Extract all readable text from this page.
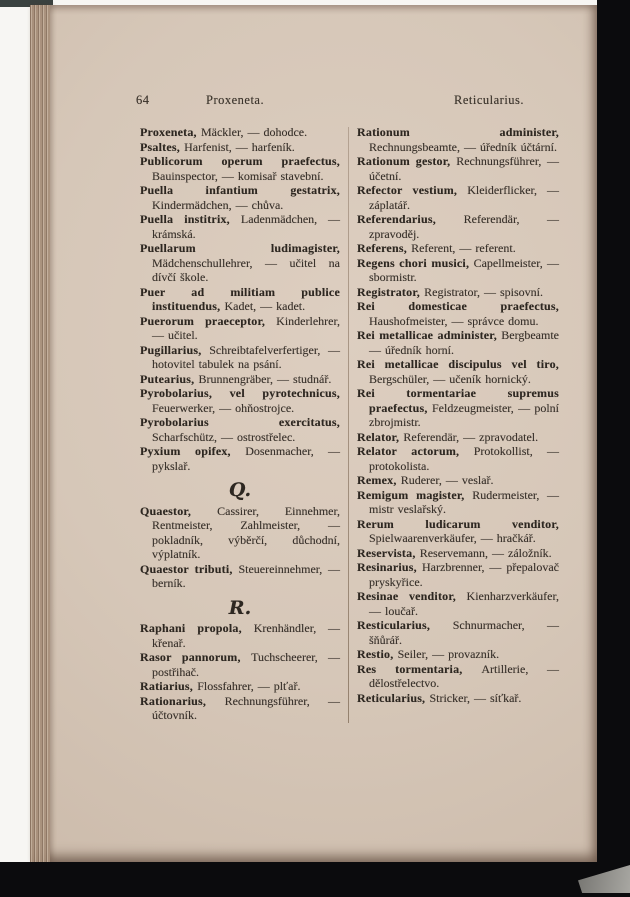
64	Proxeneta.	Reticularius.

Proxeneta, Mäckler, — dohodce.

Psaltes, Harfenist, — harfeník.

Publicorum operum praefectus, Bauinspector, — komisař stavební.

Puella infantium gestatrix, Kindermädchen, — chůva.

Puella institrix, Ladenmädchen, — krámská.

Puellarum ludimagister, Mädchenschullehrer, — učitel na dívčí škole.

Puer ad militiam publice instituendus, Kadet, — kadet.

Puerorum praeceptor, Kinderlehrer, — učitel.

Pugillarius, Schreibtafelverfertiger, — hotovitel tabulek na psání.

Putearius, Brunnengräber, — studnář.

Pyrobolarius, vel pyrotechnicus, Feuerwerker, — ohňostrojce.

Pyrobolarius exercitatus, Scharfschütz, — ostrostřelec.

Pyxium opifex, Dosenmacher, — pykslař.

Q.

Quaestor, Cassirer, Einnehmer, Rentmeister, Zahlmeister, — pokladník, výběrčí, důchodní, výplatník.

Quaestor tributi, Steuereinnehmer, — berník.

R.

Raphani propola, Krenhändler, — křenař.

Rasor pannorum, Tuchscheerer, — postřihač.

Ratiarius, Flossfahrer, — plťař.

Rationarius, Rechnungsführer, — účtovník.

Rationum administer, Rechnungsbeamte, — úředník účtární.

Rationum gestor, Rechnungsführer, — účetní.

Refector vestium, Kleiderflicker, — záplatář.

Referendarius, Referendär, — zpravoděj.

Referens, Referent, — referent.

Regens chori musici, Capellmeister, — sbormistr.

Registrator, Registrator, — spisovní.

Rei domesticae praefectus, Haushofmeister, — správce domu.

Rei metallicae administer, Bergbeamte — úředník horní.

Rei metallicae discipulus vel tiro, Bergschüler, — učeník hornický.

Rei tormentariae supremus praefectus, Feldzeugmeister, — polní zbrojmistr.

Relator, Referendär, — zpravodatel.

Relator actorum, Protokollist, — protokolista.

Remex, Ruderer, — veslař.

Remigum magister, Rudermeister, — mistr veslařský.

Rerum ludicarum venditor, Spielwaarenverkäufer, — hračkář.

Reservista, Reservemann, — záložník.

Resinarius, Harzbrenner, — přepalovač pryskyřice.

Resinae venditor, Kienharzverkäufer, — loučař.

Resticularius, Schnurmacher, — šňůrář.

Restio, Seiler, — provazník.

Res tormentaria, Artillerie, — dělostřelectvo.

Reticularius, Stricker, — síťkař.
